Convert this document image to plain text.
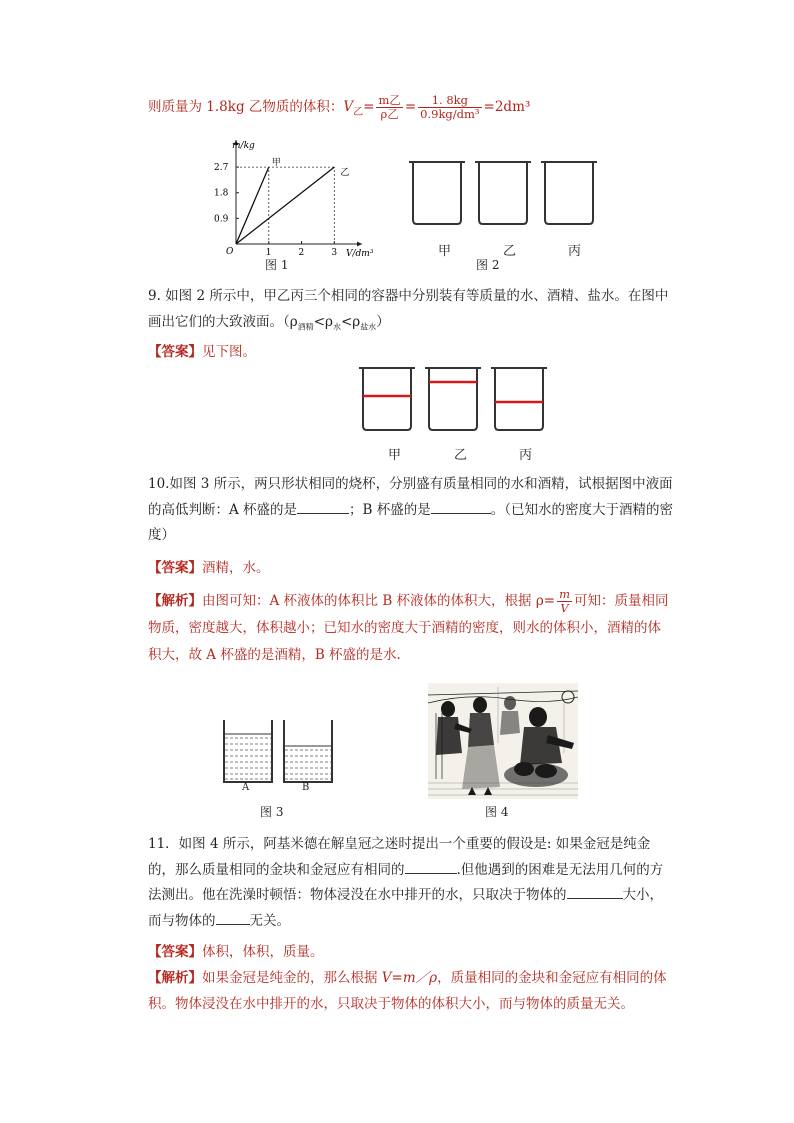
则质量为 1.8kg 乙物质的体积：$V_乙= \frac{\text{m乙}}{\text{ρ乙}} = \frac{1. 8kg}{\text{0.9kg/dm³}} =2dm^3$
m/kg
V/dm³
O	1	2	3
0.9
1.8
2.7	甲
乙
图 1
甲	乙	丙
图 2
9. 如图 2 所示中，甲乙丙三个相同的容器中分别装有等质量的水、酒精、盐水。在图中画出它们的大致液面。$(\rho_{酒精}<\rho_水<\rho_{盐水})$
【答案】见下图。
甲	乙	丙
10.如图 3 所示，两只形状相同的烧杯，分别盛有质量相同的水和酒精，试根据图中液面的高低判断：A 杯盛的是	；B 杯盛的是	。（已知水的密度大于酒精的密度）
【答案】酒精，水。
【解析】由图可知：A 杯液体的体积比 B 杯液体的体积大，根据 $\rho= \frac{m}{V}$ 可知：质量相同物质，密度越大，体积越小；已知水的密度大于酒精的密度，则水的体积小，酒精的体积大，故 A 杯盛的是酒精，B 杯盛的是水.
A	B
图 3	图 4
11．如图 4 所示，阿基米德在解皇冠之迷时提出一个重要的假设是: 如果金冠是纯金的，那么质量相同的金块和金冠应有相同的	.但他遇到的困难是无法用几何的方法测出。他在洗澡时顿悟：物体浸没在水中排开的水，只取决于物体的	大小，而与物体的	无关。
【答案】体积，体积，质量。
【解析】如果金冠是纯金的，那么根据 V=m／ρ，质量相同的金块和金冠应有相同的体积。物体浸没在水中排开的水，只取决于物体的体积大小，而与物体的质量无关。
